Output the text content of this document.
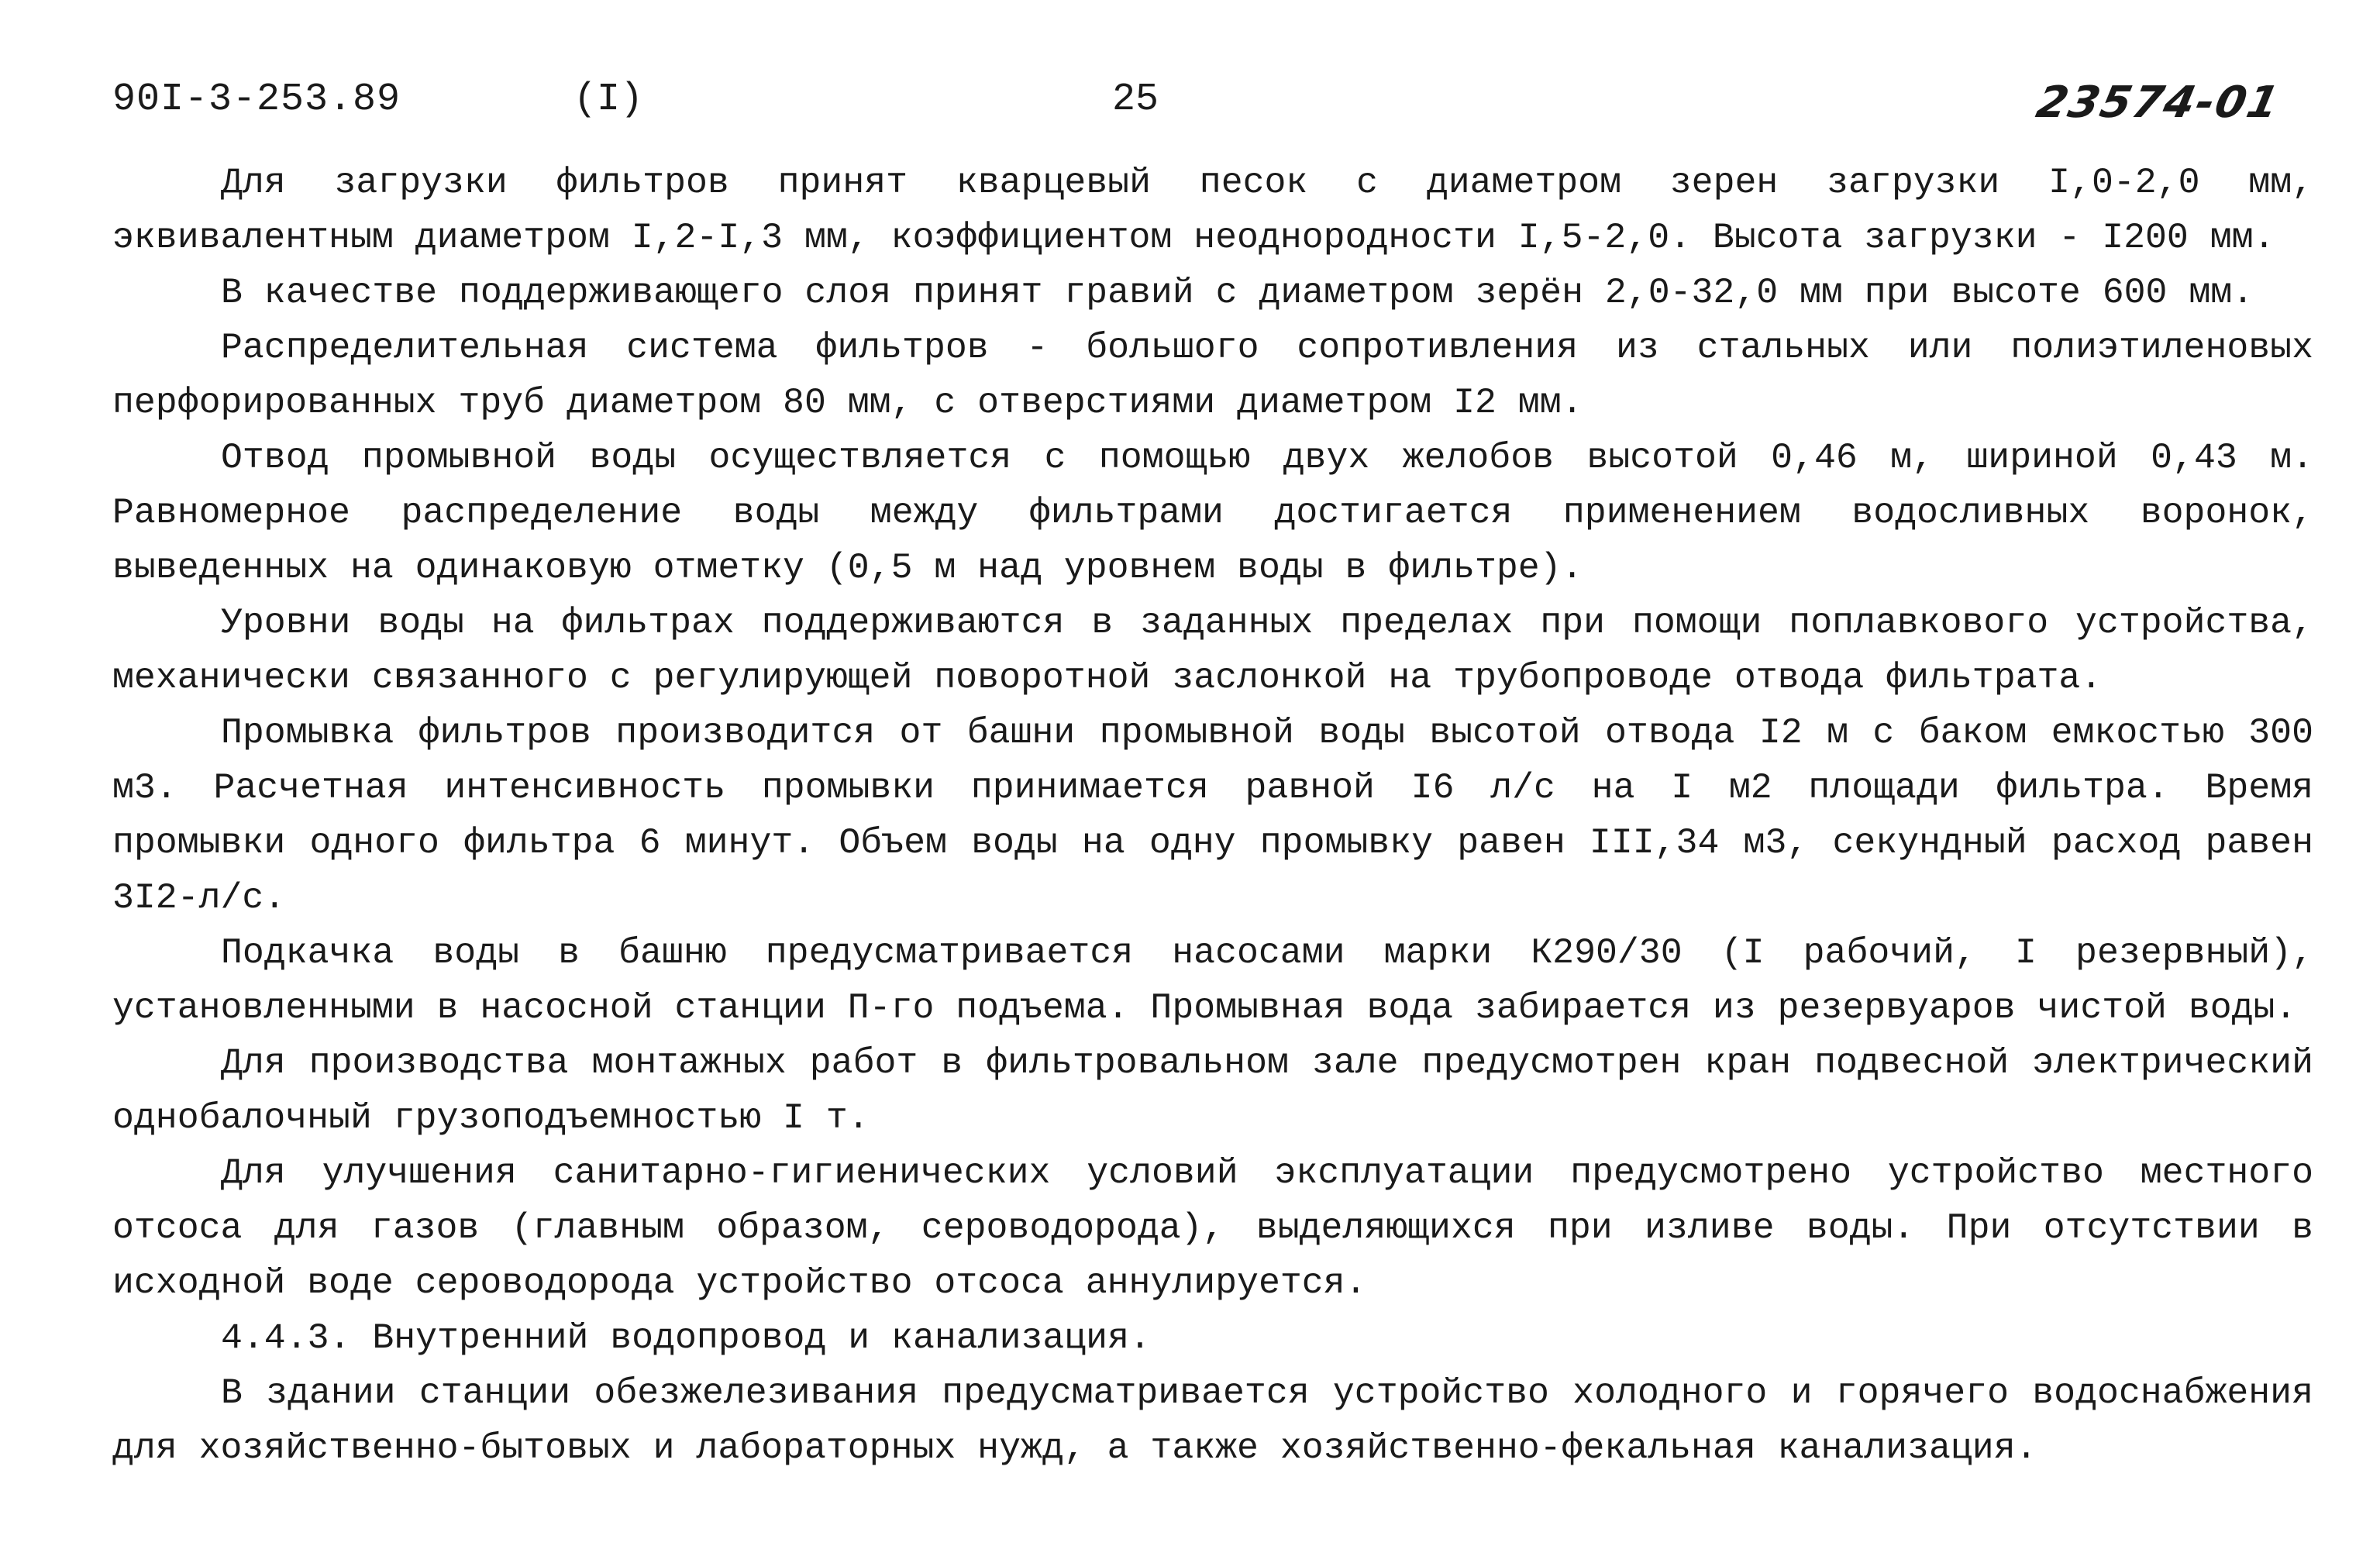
90I-3-253.89	(I)	25	23574-01

Для загрузки фильтров принят кварцевый песок с диаметром зерен загрузки I,0-2,0 мм, эквивалентным диаметром I,2-I,3 мм, коэффициентом неоднородности I,5-2,0. Высота загрузки - I200 мм.

В качестве поддерживающего слоя принят гравий с диаметром зерён 2,0-32,0 мм при высоте 600 мм.

Распределительная система фильтров - большого сопротивления из стальных или полиэтиленовых перфорированных труб диаметром 80 мм, с отверстиями диаметром I2 мм.

Отвод промывной воды осуществляется с помощью двух желобов высотой 0,46 м, шириной 0,43 м. Равномерное распределение воды между фильтрами достигается применением водосливных воронок, выведенных на одинаковую отметку (0,5 м над уровнем воды в фильтре).

Уровни воды на фильтрах поддерживаются в заданных пределах при помощи поплавкового устройства, механически связанного с регулирующей поворотной заслонкой на трубопроводе отвода фильтрата.

Промывка фильтров производится от башни промывной воды высотой отвода I2 м с баком емкостью 300 м3. Расчетная интенсивность промывки принимается равной I6 л/с на I м2 площади фильтра. Время промывки одного фильтра 6 минут. Объем воды на одну промывку равен III,34 м3, секундный расход равен 3I2-л/с.

Подкачка воды в башню предусматривается насосами марки К290/30 (I рабочий, I резервный), установленными в насосной станции П-го подъема. Промывная вода забирается из резервуаров чистой воды.

Для производства монтажных работ в фильтровальном зале предусмотрен кран подвесной электрический однобалочный грузоподъемностью I т.

Для улучшения санитарно-гигиенических условий эксплуатации предусмотрено устройство местного отсоса для газов (главным образом, сероводорода), выделяющихся при изливе воды. При отсутствии в исходной воде сероводорода устройство отсоса аннулируется.

4.4.3. Внутренний водопровод и канализация.

В здании станции обезжелезивания предусматривается устройство холодного и горячего водоснабжения для хозяйственно-бытовых и лабораторных нужд, а также хозяйственно-фекальная канализация.
